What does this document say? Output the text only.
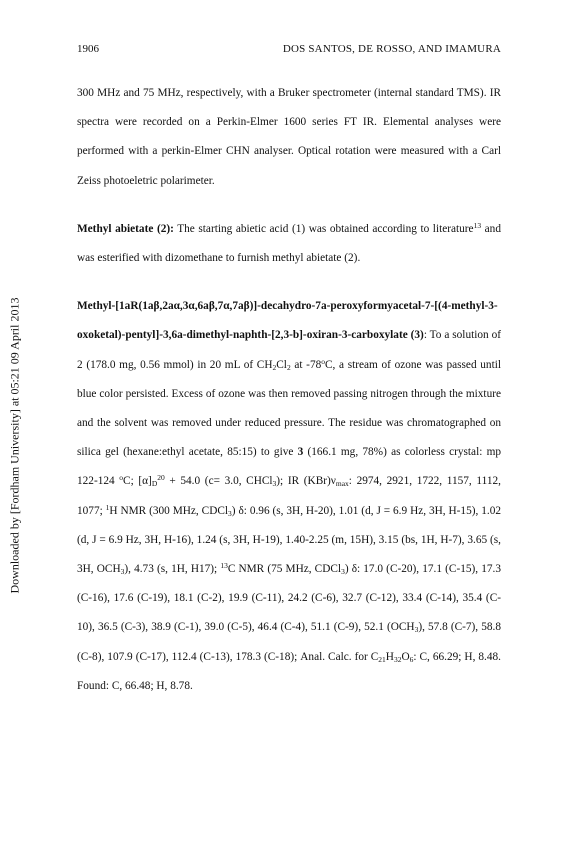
1906	DOS SANTOS, DE ROSSO, AND IMAMURA
Downloaded by [Fordham University] at 05:21 09 April 2013

300 MHz and 75 MHz, respectively, with a Bruker spectrometer (internal standard TMS). IR spectra were recorded on a Perkin-Elmer 1600 series FT IR. Elemental analyses were performed with a perkin-Elmer CHN analyser. Optical rotation were measured with a Carl Zeiss photoeletric polarimeter.

Methyl abietate (2): The starting abietic acid (1) was obtained according to literature$^{13}$ and was esterified with dizomethane to furnish methyl abietate (2).

Methyl-[1aR(1aβ,2aα,3α,6aβ,7α,7aβ)]-decahydro-7a-peroxyformyacetal-7-[(4-methyl-3-oxoketal)-pentyl]-3,6a-dimethyl-naphth-[2,3-b]-oxiran-3-carboxylate (3): To a solution of 2 (178.0 mg, 0.56 mmol) in 20 mL of $CH_2Cl_2$ at -78$^o$C, a stream of ozone was passed until blue color persisted. Excess of ozone was then removed passing nitrogen through the mixture and the solvent was removed under reduced pressure. The residue was chromatographed on silica gel (hexane:ethyl acetate, 85:15) to give 3 (166.1 mg, 78%) as colorless crystal: mp 122-124 $^o$C; $[\alpha]_D^{20} + 54.0$ (c= 3.0, CHCl$_3$); IR $(KBr)\nu_{max}$: 2974, 2921, 1722, 1157, 1112, 1077; $^1$H NMR (300 MHz, CDCl$_3$) δ: 0.96 (s, 3H, H-20), 1.01 (d, J = 6.9 Hz, 3H, H-15), 1.02 (d, J = 6.9 Hz, 3H, H-16), 1.24 (s, 3H, H-19), 1.40-2.25 (m, 15H), 3.15 (bs, 1H, H-7), 3.65 (s, 3H, $OCH_3$), 4.73 (s, 1H, H17); $^{13}$C NMR (75 MHz, CDCl$_3$) δ: 17.0 (C-20), 17.1 (C-15), 17.3 (C-16), 17.6 (C-19), 18.1 (C-2), 19.9 (C-11), 24.2 (C-6), 32.7 (C-12), 33.4 (C-14), 35.4 (C-10), 36.5 (C-3), 38.9 (C-1), 39.0 (C-5), 46.4 (C-4), 51.1 (C-9), 52.1 $(OCH_3)$, 57.8 (C-7), 58.8 (C-8), 107.9 (C-17), 112.4 (C-13), 178.3 (C-18); Anal. Calc. for $C_{21}H_{32}O_6$: C, 66.29; H, 8.48. Found: C, 66.48; H, 8.78.
